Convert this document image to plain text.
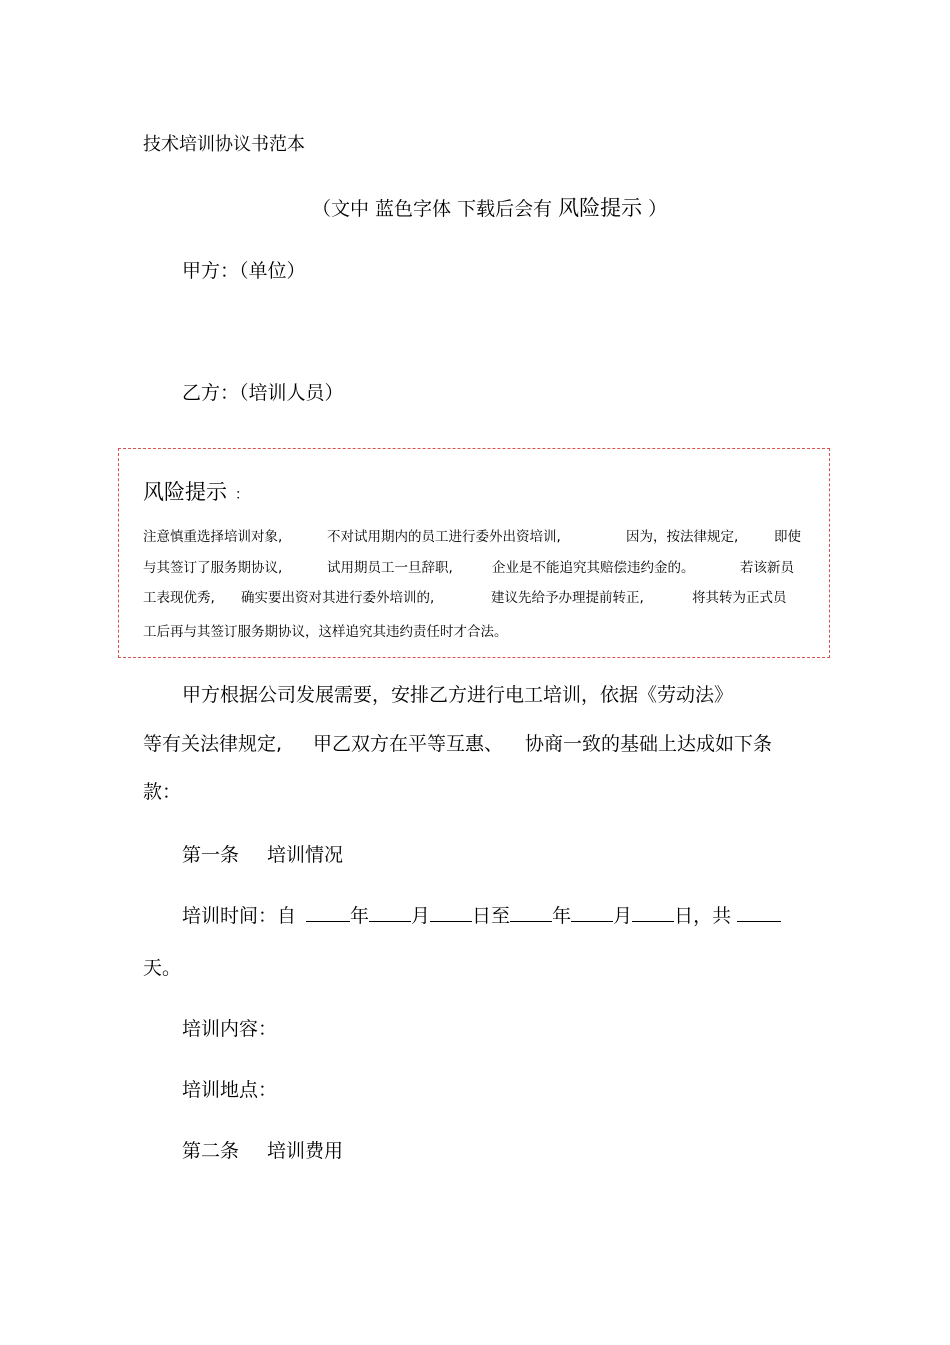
技术培训协议书范本
（文中 蓝色字体 下载后会有 风险提示 ）
甲方：（单位）
乙方：（培训人员）
风险提示 ：
注意慎重选择培训对象,	不对试用期内的员工进行委外出资培训,	因为，按法律规定,	即使
与其签订了服务期协议,	试用期员工一旦辞职,	企业是不能追究其赔偿违约金的。	若该新员
工表现优秀, 确实要出资对其进行委外培训的,	建议先给予办理提前转正,	将其转为正式员
工后再与其签订服务期协议，这样追究其违约责任时才合法。
甲方根据公司发展需要，安排乙方进行电工培训，依据《劳动法》
等有关法律规定, 甲乙双方在平等互惠、 协商一致的基础上达成如下条
款：
第一条 培训情况
培训时间：自	年 月 日至 年 月 日，共
天。
培训内容：
培训地点：
第二条 培训费用
